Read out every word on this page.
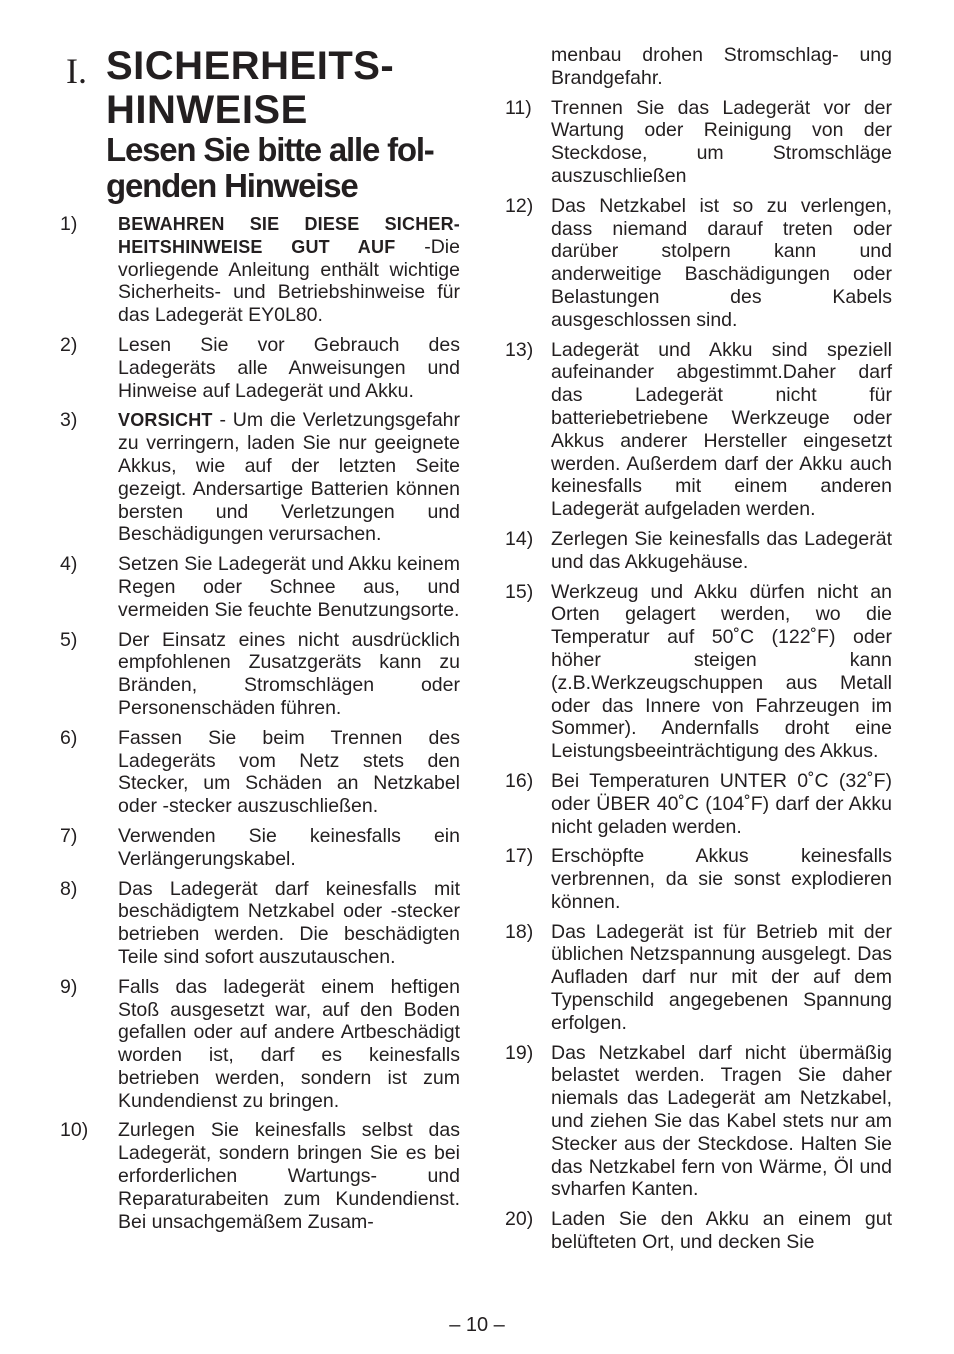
I. SICHERHEITS-
HINWEISE
Lesen Sie bitte alle fol-
genden Hinweise
1)	BEWAHREN SIE DIESE SICHER-HEITSHINWEISE GUT AUF -Die vorliegende Anleitung enthält wichtige Sicherheits- und Betriebshinweise für das Ladegerät EY0L80.
2)	Lesen Sie vor Gebrauch des Ladegeräts alle Anweisungen und Hinweise auf Ladegerät und Akku.
3)	VORSICHT - Um die Verletzungsgefahr zu verringern, laden Sie nur geeignete Akkus, wie auf der letzten Seite gezeigt. Andersartige Batterien können bersten und Verletzungen und Beschädigungen verursachen.
4)	Setzen Sie Ladegerät und Akku keinem Regen oder Schnee aus, und vermeiden Sie feuchte Benutzungsorte.
5)	Der Einsatz eines nicht ausdrücklich empfohlenen Zusatzgeräts kann zu Bränden, Stromschlägen oder Personenschäden führen.
6)	Fassen Sie beim Trennen des Ladegeräts vom Netz stets den Stecker, um Schäden an Netzkabel oder -stecker auszuschließen.
7)	Verwenden Sie keinesfalls ein Verlängerungskabel.
8)	Das Ladegerät darf keinesfalls mit beschädigtem Netzkabel oder -stecker betrieben werden. Die beschädigten Teile sind sofort auszutauschen.
9)	Falls das ladegerät einem heftigen Stoß ausgesetzt war, auf den Boden gefallen oder auf andere Artbeschädigt worden ist, darf es keinesfalls betrieben werden, sondern ist zum Kundendienst zu bringen.
10)	Zurlegen Sie keinesfalls selbst das Ladegerät, sondern bringen Sie es bei erforderlichen Wartungs- und Reparaturabeiten zum Kundendienst. Bei unsachgemäßem Zusam-
menbau drohen Stromschlag- ung Brandgefahr.
11) Trennen Sie das Ladegerät vor der Wartung oder Reinigung von der Steckdose, um Stromschläge auszuschließen
12) Das Netzkabel ist so zu verlengen, dass niemand darauf treten oder darüber stolpern kann und anderweitige Baschädigungen oder Belastungen des Kabels ausgeschlossen sind.
13) Ladegerät und Akku sind speziell aufeinander abgestimmt.Daher darf das Ladegerät nicht für batteriebetriebene Werkzeuge oder Akkus anderer Hersteller eingesetzt werden. Außerdem darf der Akku auch keinesfalls mit einem anderen Ladegerät aufgeladen werden.
14) Zerlegen Sie keinesfalls das Ladegerät und das Akkugehäuse.
15) Werkzeug und Akku dürfen nicht an Orten gelagert werden, wo die Temperatur auf 50˚C (122˚F) oder höher steigen kann (z.B.Werkzeugschuppen aus Metall oder das Innere von Fahrzeugen im Sommer). Andernfalls droht eine Leistungsbeeinträchtigung des Akkus.
16) Bei Temperaturen UNTER 0˚C (32˚F) oder ÜBER 40˚C (104˚F) darf der Akku nicht geladen werden.
17) Erschöpfte Akkus keinesfalls verbrennen, da sie sonst explodieren können.
18) Das Ladegerät ist für Betrieb mit der üblichen Netzspannung ausgelegt. Das Aufladen darf nur mit der auf dem Typenschild angegebenen Spannung erfolgen.
19) Das Netzkabel darf nicht übermäßig belastet werden. Tragen Sie daher niemals das Ladegerät am Netzkabel, und ziehen Sie das Kabel stets nur am Stecker aus der Steckdose. Halten Sie das Netzkabel fern von Wärme, Öl und svharfen Kanten.
20) Laden Sie den Akku an einem gut belüfteten Ort, und decken Sie
– 10 –
